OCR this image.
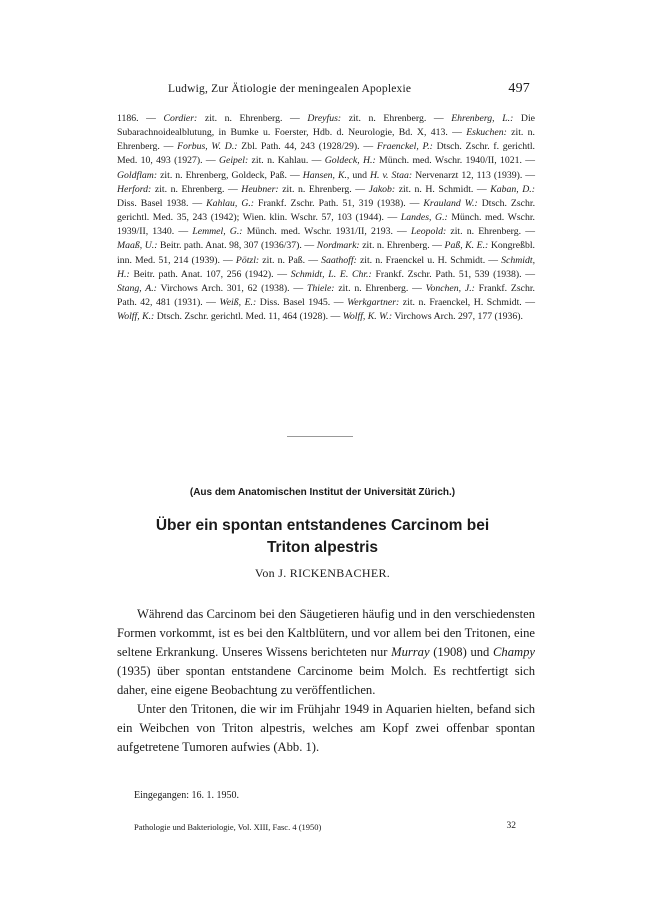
Ludwig, Zur Ätiologie der meningealen Apoplexie	497
1186. — Cordier: zit. n. Ehrenberg. — Dreyfus: zit. n. Ehrenberg. — Ehrenberg, L.: Die Subarachnoidealblutung, in Bumke u. Foerster, Hdb. d. Neurologie, Bd. X, 413. — Eskuchen: zit. n. Ehrenberg. — Forbus, W. D.: Zbl. Path. 44, 243 (1928/29). — Fraenckel, P.: Dtsch. Zschr. f. gerichtl. Med. 10, 493 (1927). — Geipel: zit. n. Kahlau. — Goldeck, H.: Münch. med. Wschr. 1940/II, 1021. — Goldflam: zit. n. Ehrenberg, Goldeck, Paß. — Hansen, K., und H. v. Staa: Nervenarzt 12, 113 (1939). — Herford: zit. n. Ehrenberg. — Heubner: zit. n. Ehrenberg. — Jakob: zit. n. H. Schmidt. — Kaban, D.: Diss. Basel 1938. — Kahlau, G.: Frankf. Zschr. Path. 51, 319 (1938). — Krauland W.: Dtsch. Zschr. gerichtl. Med. 35, 243 (1942); Wien. klin. Wschr. 57, 103 (1944). — Landes, G.: Münch. med. Wschr. 1939/II, 1340. — Lemmel, G.: Münch. med. Wschr. 1931/II, 2193. — Leopold: zit. n. Ehrenberg. — Maaß, U.: Beitr. path. Anat. 98, 307 (1936/37). — Nordmark: zit. n. Ehrenberg. — Paß, K. E.: Kongreßbl. inn. Med. 51, 214 (1939). — Pötzl: zit. n. Paß. — Saathoff: zit. n. Fraenckel u. H. Schmidt. — Schmidt, H.: Beitr. path. Anat. 107, 256 (1942). — Schmidt, L. E. Chr.: Frankf. Zschr. Path. 51, 539 (1938). — Stang, A.: Virchows Arch. 301, 62 (1938). — Thiele: zit. n. Ehrenberg. — Vonchen, J.: Frankf. Zschr. Path. 42, 481 (1931). — Weiß, E.: Diss. Basel 1945. — Werkgartner: zit. n. Fraenckel, H. Schmidt. — Wolff, K.: Dtsch. Zschr. gerichtl. Med. 11, 464 (1928). — Wolff, K. W.: Virchows Arch. 297, 177 (1936).
(Aus dem Anatomischen Institut der Universität Zürich.)
Über ein spontan entstandenes Carcinom bei
Triton alpestris
Von J. RICKENBACHER.

Während das Carcinom bei den Säugetieren häufig und in den verschiedensten Formen vorkommt, ist es bei den Kaltblütern, und vor allem bei den Tritonen, eine seltene Erkrankung. Unseres Wissens berichteten nur Murray (1908) und Champy (1935) über spontan entstandene Carcinome beim Molch. Es rechtfertigt sich daher, eine eigene Beobachtung zu veröffentlichen.

Unter den Tritonen, die wir im Frühjahr 1949 in Aquarien hielten, befand sich ein Weibchen von Triton alpestris, welches am Kopf zwei offenbar spontan aufgetretene Tumoren aufwies (Abb. 1).

Eingegangen: 16. 1. 1950.
Pathologie und Bakteriologie, Vol. XIII, Fasc. 4 (1950)	32
